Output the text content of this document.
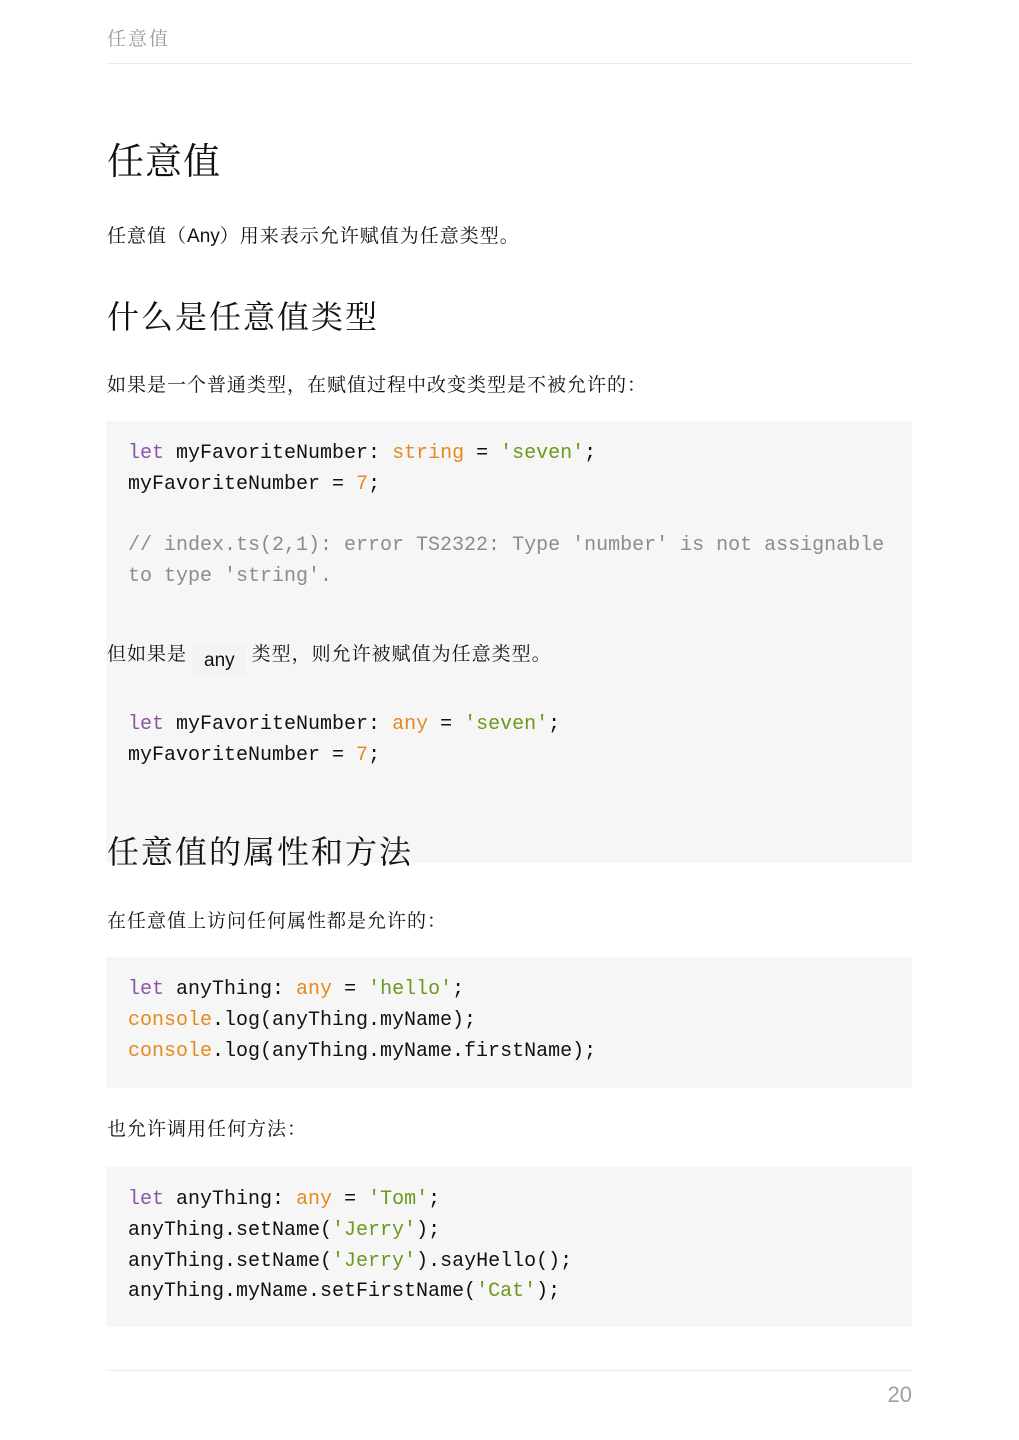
任意值
任意值

任意值（Any）用来表示允许赋值为任意类型。

什么是任意值类型

如果是一个普通类型，在赋值过程中改变类型是不被允许的：

let myFavoriteNumber: string = 'seven';
myFavoriteNumber = 7;
// index.ts(2,1): error TS2322: Type 'number' is not assignable
to type 'string'.

但如果是 any 类型，则允许被赋值为任意类型。

let myFavoriteNumber: any = 'seven';
myFavoriteNumber = 7;
任意值的属性和方法

在任意值上访问任何属性都是允许的：

let anyThing: any = 'hello';
console.log(anyThing.myName);
console.log(anyThing.myName.firstName);

也允许调用任何方法：

let anyThing: any = 'Tom';
anyThing.setName('Jerry');
anyThing.setName('Jerry').sayHello();
anyThing.myName.setFirstName('Cat');
20
